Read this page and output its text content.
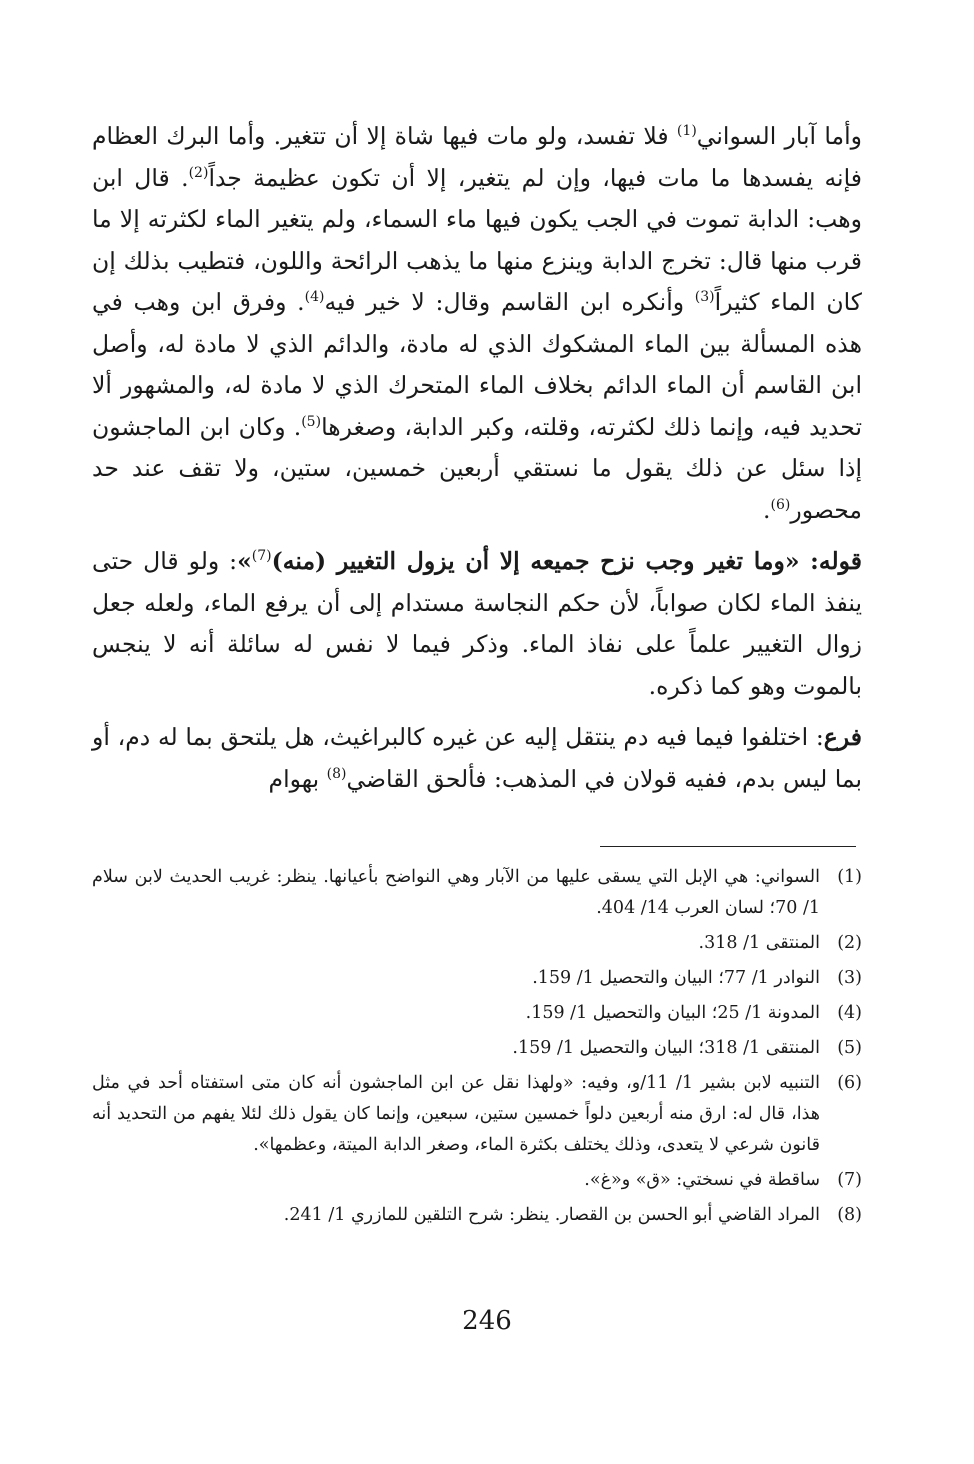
وأما آبار السواني$^{(1)}$ فلا تفسد، ولو مات فيها شاة إلا أن تتغير. وأما البرك العظام فإنه يفسدها ما مات فيها، وإن لم يتغير، إلا أن تكون عظيمة جداً$^{(2)}$. قال ابن وهب: الدابة تموت في الجب يكون فيها ماء السماء، ولم يتغير الماء لكثرته إلا ما قرب منها قال: تخرج الدابة وينزع منها ما يذهب الرائحة واللون، فتطيب بذلك إن كان الماء كثيراً$^{(3)}$ وأنكره ابن القاسم وقال: لا خير فيه$^{(4)}$. وفرق ابن وهب في هذه المسألة بين الماء المشكوك الذي له مادة، والدائم الذي لا مادة له، وأصل ابن القاسم أن الماء الدائم بخلاف الماء المتحرك الذي لا مادة له، والمشهور ألا تحديد فيه، وإنما ذلك لكثرته، وقلته، وكبر الدابة، وصغرها$^{(5)}$. وكان ابن الماجشون إذا سئل عن ذلك يقول ما نستقي أربعين خمسين، ستين، ولا تقف عند حد محصور$^{(6)}$.

قوله: «وما تغير وجب نزح جميعه إلا أن يزول التغيير (منه)$^{(7)}$»: ولو قال حتى ينفذ الماء لكان صواباً، لأن حكم النجاسة مستدام إلى أن يرفع الماء، ولعله جعل زوال التغيير علماً على نفاذ الماء. وذكر فيما لا نفس له سائلة أنه لا ينجس بالموت وهو كما ذكره.

فرع: اختلفوا فيما فيه دم ينتقل إليه عن غيره كالبراغيث، هل يلتحق بما له دم، أو بما ليس بدم، ففيه قولان في المذهب: فألحق القاضي$^{(8)}$ بهوام

(1)
السواني: هي الإبل التي يسقى عليها من الآبار وهي النواضح بأعيانها. ينظر: غريب الحديث لابن سلام 1/ 70؛ لسان العرب 14/ 404.
(2)
المنتقى 1/ 318.
(3)
النوادر 1/ 77؛ البيان والتحصيل 1/ 159.
(4)
المدونة 1/ 25؛ البيان والتحصيل 1/ 159.
(5)
المنتقى 1/ 318؛ البيان والتحصيل 1/ 159.
(6)
التنبيه لابن بشير 1/ 11/و، وفيه: «ولهذا نقل عن ابن الماجشون أنه كان متى استفتاه أحد في مثل هذا، قال له: ارق منه أربعين دلواً خمسين ستين، سبعين، وإنما كان يقول ذلك لئلا يفهم من التحديد أنه قانون شرعي لا يتعدى، وذلك يختلف بكثرة الماء، وصغر الدابة الميتة، وعظمها».
(7)
ساقطة في نسختي: «ق» و«غ».
(8)
المراد القاضي أبو الحسن بن القصار. ينظر: شرح التلقين للمازري 1/ 241.
246
